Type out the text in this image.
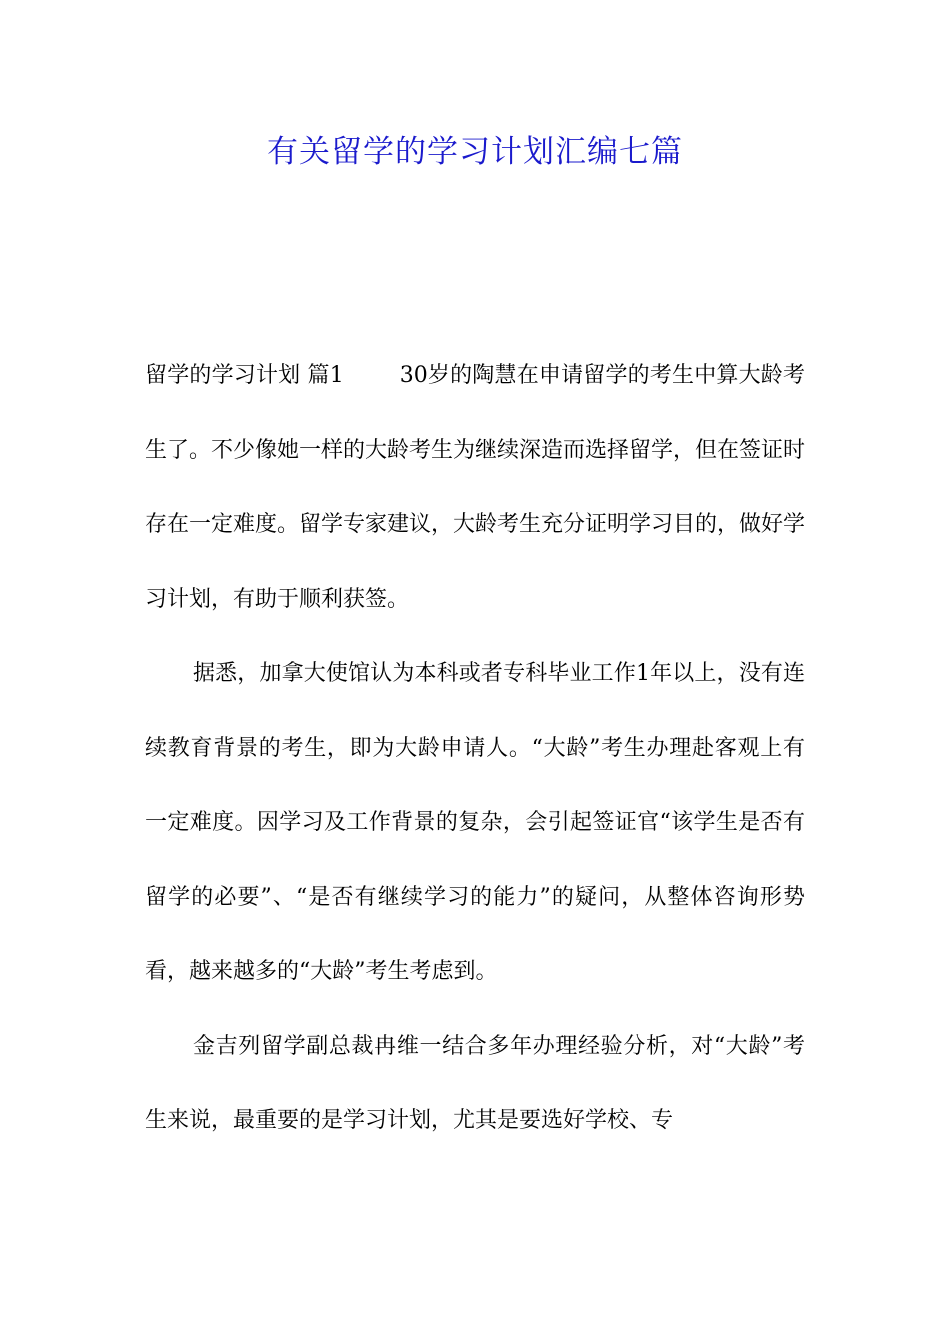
有关留学的学习计划汇编七篇

留学的学习计划 篇1	30岁的陶慧在申请留学的考生中算大龄考生了。不少像她一样的大龄考生为继续深造而选择留学，但在签证时存在一定难度。留学专家建议，大龄考生充分证明学习目的，做好学习计划，有助于顺利获签。

据悉，加拿大使馆认为本科或者专科毕业工作1年以上，没有连续教育背景的考生，即为大龄申请人。“大龄”考生办理赴客观上有一定难度。因学习及工作背景的复杂，会引起签证官“该学生是否有留学的必要”、“是否有继续学习的能力”的疑问，从整体咨询形势看，越来越多的“大龄”考生考虑到。

金吉列留学副总裁冉维一结合多年办理经验分析，对“大龄”考生来说，最重要的是学习计划，尤其是要选好学校、专
